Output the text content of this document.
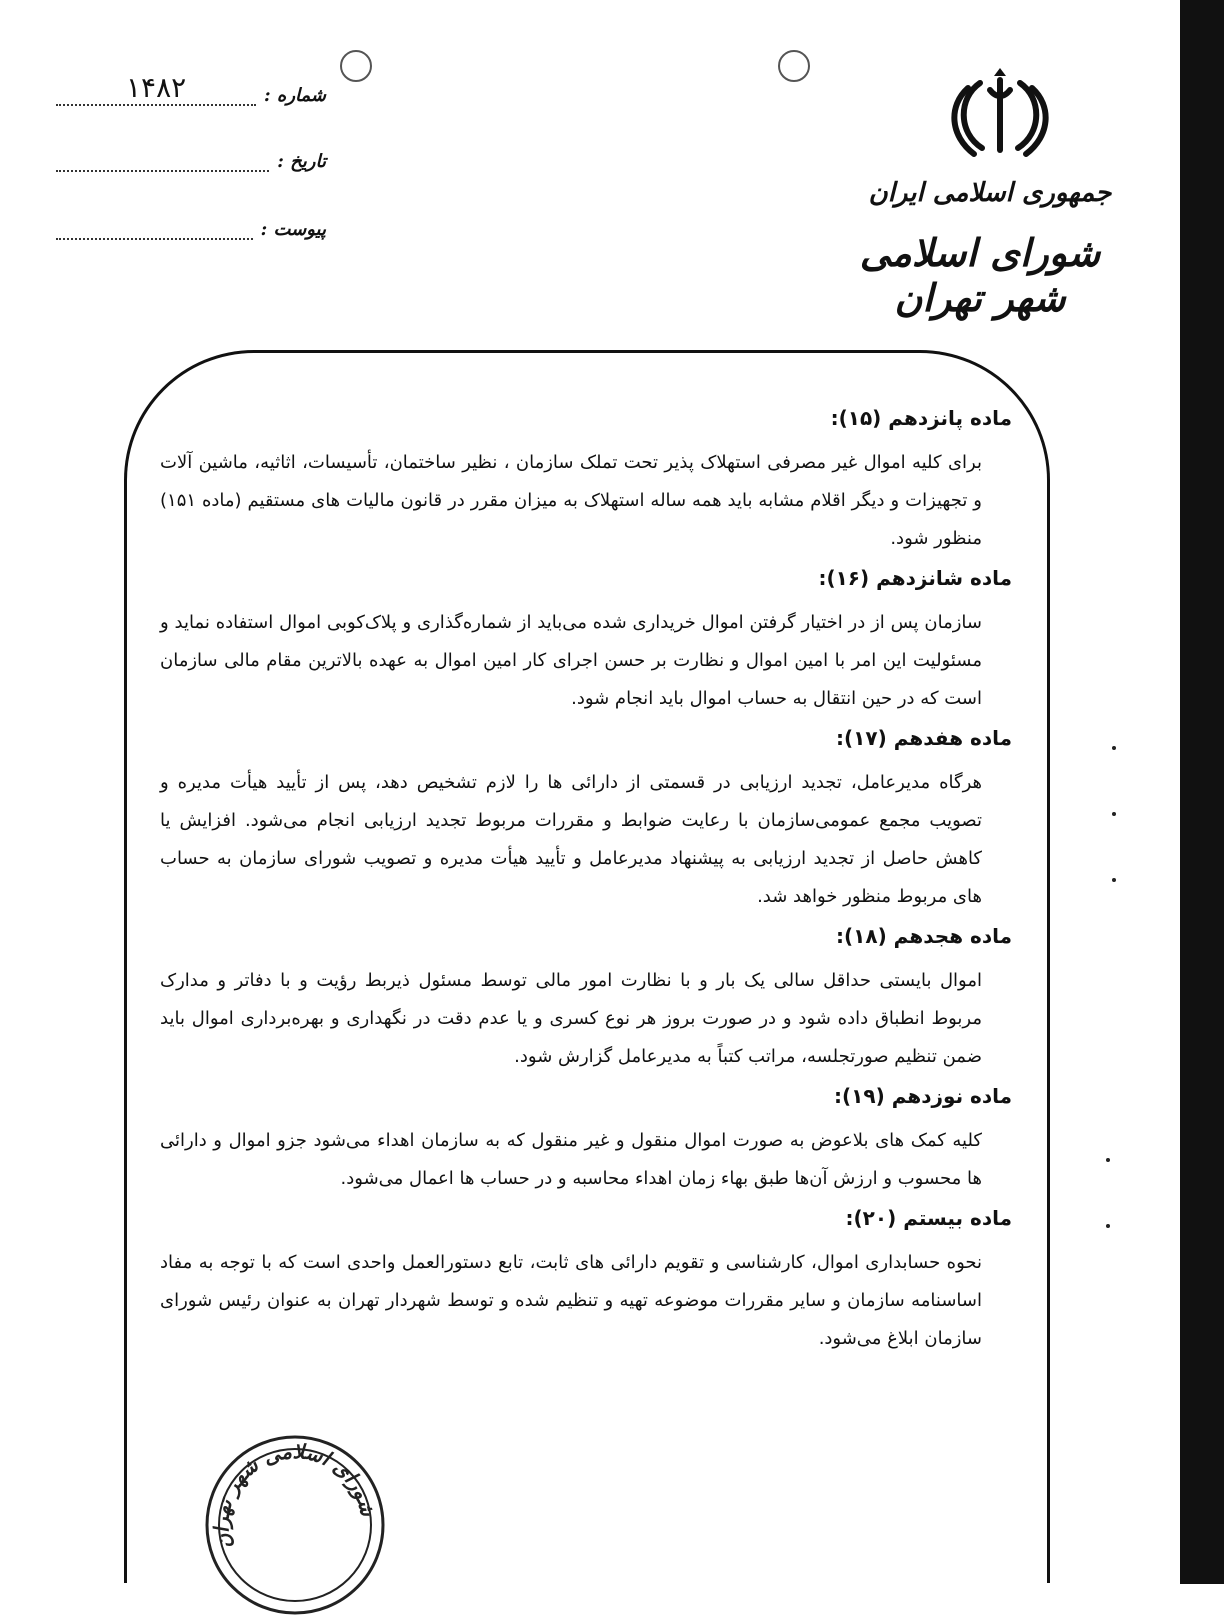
جمهوری اسلامی ایران
شورای اسلامی شهر تهران
شماره :
۱۴۸۲
تاریخ :
پیوست :
ماده پانزدهم (۱۵):
برای کلیه اموال غیر مصرفی استهلاک پذیر تحت تملک سازمان ، نظیر ساختمان، تأسیسات، اثاثیه، ماشین آلات و تجهیزات و دیگر اقلام مشابه باید همه ساله استهلاک به میزان مقرر در قانون مالیات های مستقیم (ماده ۱۵۱) منظور شود.
ماده شانزدهم (۱۶):
سازمان پس از در اختیار گرفتن اموال خریداری شده می‌باید از شماره‌گذاری و پلاک‌کوبی اموال استفاده نماید و مسئولیت این امر با امین اموال و نظارت بر حسن اجرای کار امین اموال به عهده بالاترین مقام مالی سازمان است که در حین انتقال به حساب اموال باید انجام شود.
ماده هفدهم (۱۷):
هرگاه مدیرعامل، تجدید ارزیابی در قسمتی از دارائی ها را لازم تشخیص دهد، پس از تأیید هیأت مدیره و تصویب مجمع عمومی‌سازمان با رعایت ضوابط و مقررات مربوط تجدید ارزیابی انجام می‌شود. افزایش یا کاهش حاصل از تجدید ارزیابی به پیشنهاد مدیرعامل و تأیید هیأت مدیره و تصویب شورای سازمان به حساب های مربوط منظور خواهد شد.
ماده هجدهم (۱۸):
اموال بایستی حداقل سالی یک بار و با نظارت امور مالی توسط مسئول ذیربط رؤیت و با دفاتر و مدارک مربوط انطباق داده شود و در صورت بروز هر نوع کسری و یا عدم دقت در نگهداری و بهره‌برداری اموال باید ضمن تنظیم صورتجلسه، مراتب کتباً به مدیرعامل گزارش شود.
ماده نوزدهم (۱۹):
کلیه کمک های بلاعوض به صورت اموال منقول و غیر منقول که به سازمان اهداء می‌شود جزو اموال و دارائی ها محسوب و ارزش آن‌ها طبق بهاء زمان اهداء محاسبه و در حساب ها اعمال می‌شود.
ماده بیستم (۲۰):
نحوه حسابداری اموال، کارشناسی و تقویم دارائی های ثابت، تابع دستورالعمل واحدی است که با توجه به مفاد اساسنامه سازمان و سایر مقررات موضوعه تهیه و تنظیم شده و توسط شهردار تهران به عنوان رئیس شورای سازمان ابلاغ می‌شود.
شورای اسلامی شهر تهران
